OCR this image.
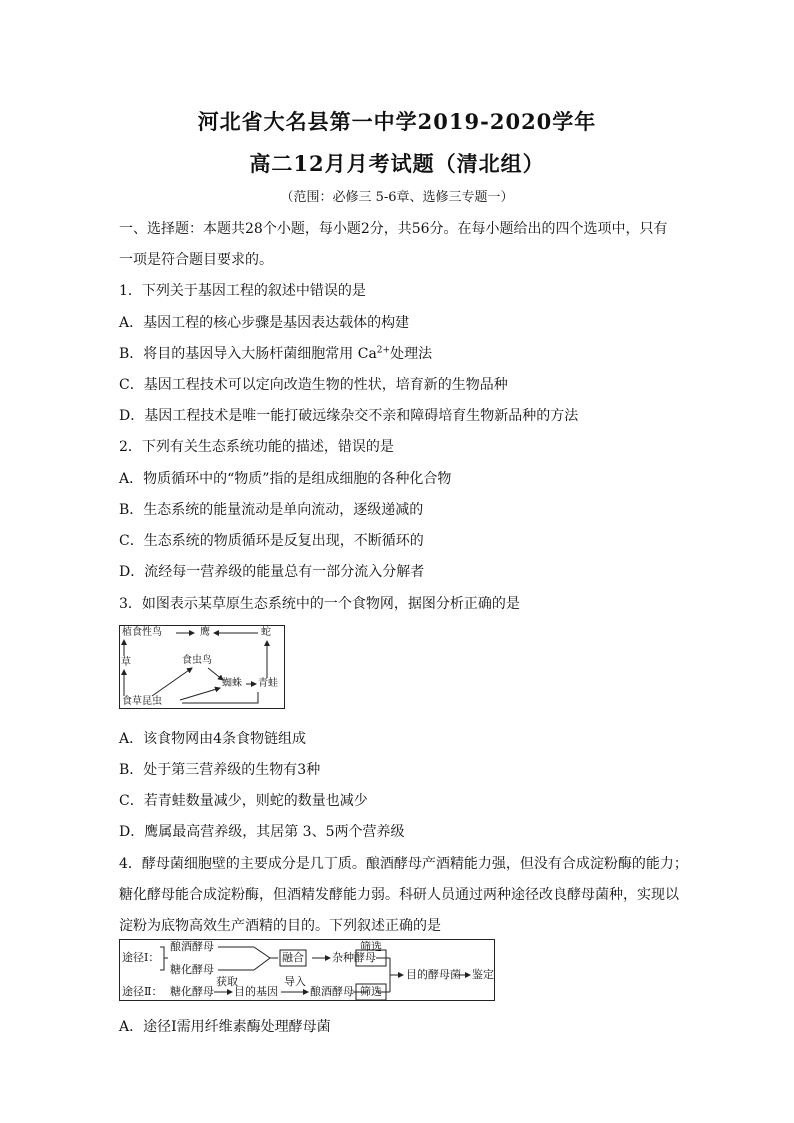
河北省大名县第一中学2019-2020学年
高二12月月考试题（清北组）
（范围：必修三 5-6章、选修三专题一）
一、选择题：本题共28个小题，每小题2分，共56分。在每小题给出的四个选项中，只有
一项是符合题目要求的。
1．下列关于基因工程的叙述中错误的是
A．基因工程的核心步骤是基因表达载体的构建
B．将目的基因导入大肠杆菌细胞常用 $Ca^{2+}$处理法
C．基因工程技术可以定向改造生物的性状，培育新的生物品种
D．基因工程技术是唯一能打破远缘杂交不亲和障碍培育生物新品种的方法
2．下列有关生态系统功能的描述，错误的是
A．物质循环中的“物质”指的是组成细胞的各种化合物
B．生态系统的能量流动是单向流动，逐级递减的
C．生态系统的物质循环是反复出现，不断循环的
D．流经每一营养级的能量总有一部分流入分解者
3．如图表示某草原生态系统中的一个食物网，据图分析正确的是
植食性鸟	鹰	蛇
草	食虫鸟
蜘蛛 青蛙
食草昆虫
A．该食物网由4条食物链组成
B．处于第三营养级的生物有3种
C．若青蛙数量减少，则蛇的数量也减少
D．鹰属最高营养级，其居第 3、5两个营养级
4．酵母菌细胞壁的主要成分是几丁质。酿酒酵母产酒精能力强，但没有合成淀粉酶的能力；
糖化酵母能合成淀粉酶，但酒精发酵能力弱。科研人员通过两种途径改良酵母菌种，实现以
淀粉为底物高效生产酒精的目的。下列叙述正确的是
途径Ⅰ：
酿酒酵母
糖化酵母
融合	杂种酵母
筛选
目的酵母菌 鉴定
途径Ⅱ： 糖化酵母
获取
目的基因
导入
酿酒酵母 筛选
A．途径Ⅰ需用纤维素酶处理酵母菌
